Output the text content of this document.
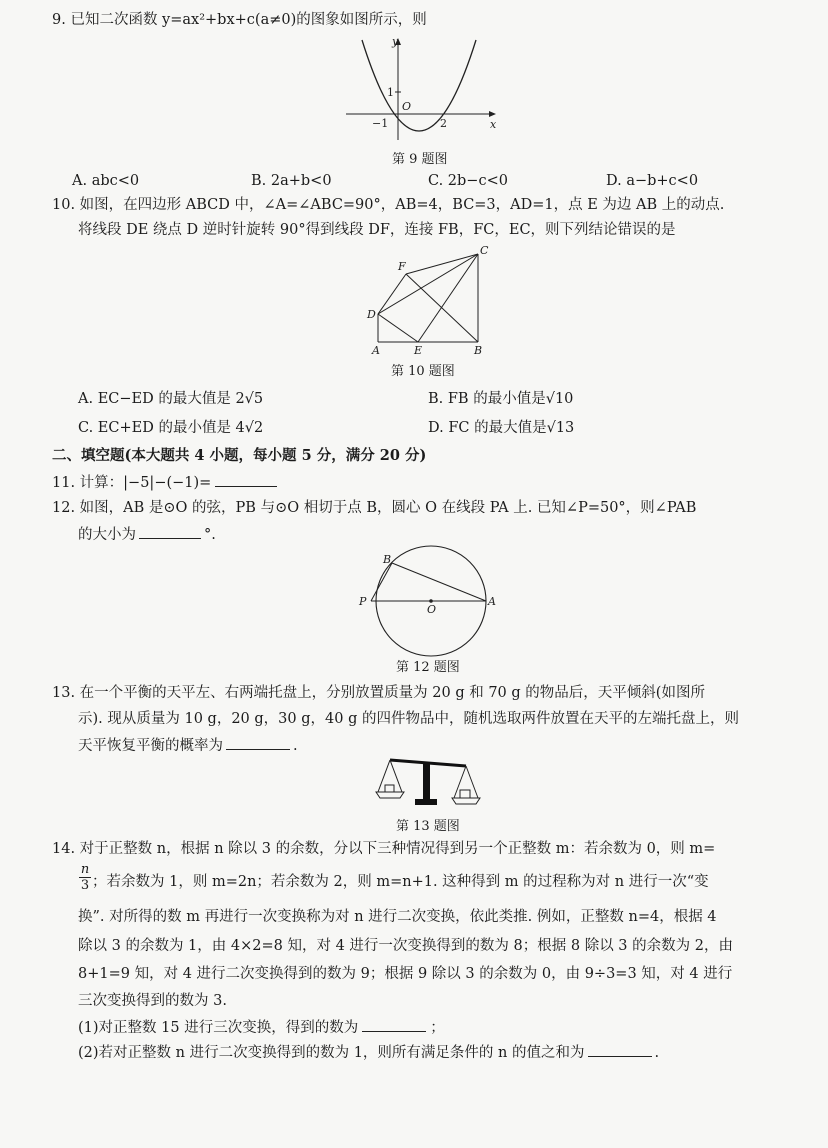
9. 已知二次函数 y=ax²+bx+c(a≠0)的图象如图所示，则
y
x
O
1
−1	2
第 9 题图
A. abc<0	B. 2a+b<0	C. 2b−c<0	D. a−b+c<0
10. 如图，在四边形 ABCD 中，∠A=∠ABC=90°，AB=4，BC=3，AD=1，点 E 为边 AB 上的动点.
将线段 DE 绕点 D 逆时针旋转 90°得到线段 DF，连接 FB，FC，EC，则下列结论错误的是
F
C
D
A	E	B
第 10 题图
A. EC−ED 的最大值是 2√5	B. FB 的最小值是√10
C. EC+ED 的最小值是 4√2	D. FC 的最大值是√13
二、填空题(本大题共 4 小题，每小题 5 分，满分 20 分)
11. 计算：|−5|−(−1)=
12. 如图，AB 是⊙O 的弦，PB 与⊙O 相切于点 B，圆心 O 在线段 PA 上. 已知∠P=50°，则∠PAB
的大小为	°.
B
P
O
A
第 12 题图
13. 在一个平衡的天平左、右两端托盘上，分别放置质量为 20 g 和 70 g 的物品后，天平倾斜(如图所
示). 现从质量为 10 g，20 g，30 g，40 g 的四件物品中，随机选取两件放置在天平的左端托盘上，则
天平恢复平衡的概率为	.
第 13 题图
14. 对于正整数 n，根据 n 除以 3 的余数，分以下三种情况得到另一个正整数 m：若余数为 0，则 m=
$\frac{n}{3}$ ；若余数为 1，则 m=2n；若余数为 2，则 m=n+1. 这种得到 m 的过程称为对 n 进行一次“变
换”. 对所得的数 m 再进行一次变换称为对 n 进行二次变换，依此类推. 例如，正整数 n=4，根据 4
除以 3 的余数为 1，由 4×2=8 知，对 4 进行一次变换得到的数为 8；根据 8 除以 3 的余数为 2，由
8+1=9 知，对 4 进行二次变换得到的数为 9；根据 9 除以 3 的余数为 0，由 9÷3=3 知，对 4 进行
三次变换得到的数为 3.
(1)对正整数 15 进行三次变换，得到的数为	；
(2)若对正整数 n 进行二次变换得到的数为 1，则所有满足条件的 n 的值之和为	.
